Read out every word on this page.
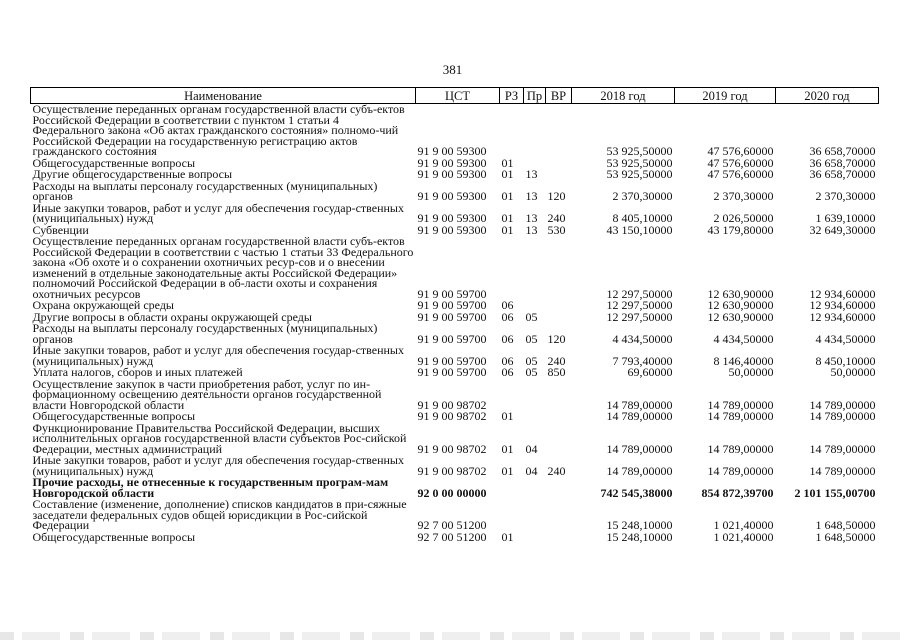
381
Наименование	ЦСТ	РЗ	Пр	ВР	2018 год	2019 год	2020 год
Осуществление переданных органам государственной власти субъ-ектов Российской Федерации в соответствии с пунктом 1 статьи 4 Федерального закона «Об актах гражданского состояния» полномо-чий Российской Федерации на государственную регистрацию актов гражданского состояния	91 9 00 59300				53 925,50000	47 576,60000	36 658,70000
Общегосударственные вопросы	91 9 00 59300	01			53 925,50000	47 576,60000	36 658,70000
Другие общегосударственные вопросы	91 9 00 59300	01	13		53 925,50000	47 576,60000	36 658,70000
Расходы на выплаты персоналу государственных (муниципальных) органов	91 9 00 59300	01	13	120	2 370,30000	2 370,30000	2 370,30000
Иные закупки товаров, работ и услуг для обеспечения государ-ственных (муниципальных) нужд	91 9 00 59300	01	13	240	8 405,10000	2 026,50000	1 639,10000
Субвенции	91 9 00 59300	01	13	530	43 150,10000	43 179,80000	32 649,30000
Осуществление переданных органам государственной власти субъ-ектов Российской Федерации в соответствии с частью 1 статьи 33 Федерального закона «Об охоте и о сохранении охотничьих ресур-сов и о внесении изменений в отдельные законодательные акты Российской Федерации» полномочий Российской Федерации в об-ласти охоты и сохранения охотничьих ресурсов	91 9 00 59700				12 297,50000	12 630,90000	12 934,60000
Охрана окружающей среды	91 9 00 59700	06			12 297,50000	12 630,90000	12 934,60000
Другие вопросы в области охраны окружающей среды	91 9 00 59700	06	05		12 297,50000	12 630,90000	12 934,60000
Расходы на выплаты персоналу государственных (муниципальных) органов	91 9 00 59700	06	05	120	4 434,50000	4 434,50000	4 434,50000
Иные закупки товаров, работ и услуг для обеспечения государ-ственных (муниципальных) нужд	91 9 00 59700	06	05	240	7 793,40000	8 146,40000	8 450,10000
Уплата налогов, сборов и иных платежей	91 9 00 59700	06	05	850	69,60000	50,00000	50,00000
Осуществление закупок в части приобретения работ, услуг по ин-формационному освещению деятельности органов государственной власти Новгородской области	91 9 00 98702				14 789,00000	14 789,00000	14 789,00000
Общегосударственные вопросы	91 9 00 98702	01			14 789,00000	14 789,00000	14 789,00000
Функционирование Правительства Российской Федерации, высших исполнительных органов государственной власти субъектов Рос-сийской Федерации, местных администраций	91 9 00 98702	01	04		14 789,00000	14 789,00000	14 789,00000
Иные закупки товаров, работ и услуг для обеспечения государ-ственных (муниципальных) нужд	91 9 00 98702	01	04	240	14 789,00000	14 789,00000	14 789,00000
Прочие расходы, не отнесенные к государственным програм-мам Новгородской области	92 0 00 00000				742 545,38000	854 872,39700	2 101 155,00700
Составление (изменение, дополнение) списков кандидатов в при-сяжные заседатели федеральных судов общей юрисдикции в Рос-сийской Федерации	92 7 00 51200				15 248,10000	1 021,40000	1 648,50000
Общегосударственные вопросы	92 7 00 51200	01			15 248,10000	1 021,40000	1 648,50000
